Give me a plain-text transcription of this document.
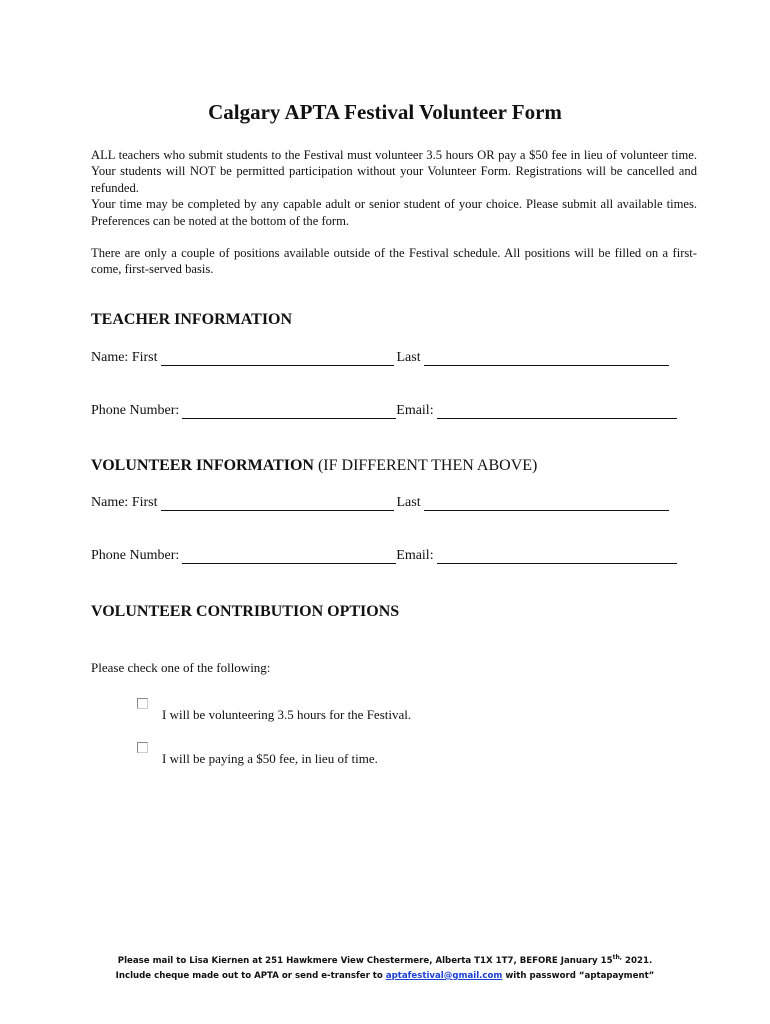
Calgary APTA Festival Volunteer Form

ALL teachers who submit students to the Festival must volunteer 3.5 hours OR pay a $50 fee in lieu of volunteer time. Your students will NOT be permitted participation without your Volunteer Form. Registrations will be cancelled and refunded.

Your time may be completed by any capable adult or senior student of your choice. Please submit all available times. Preferences can be noted at the bottom of the form.

There are only a couple of positions available outside of the Festival schedule. All positions will be filled on a first-come, first-served basis.

TEACHER INFORMATION
Name: First	Last
Phone Number:	Email:
VOLUNTEER INFORMATION (IF DIFFERENT THEN ABOVE)
Name: First	Last
Phone Number:	Email:
VOLUNTEER CONTRIBUTION OPTIONS
Please check one of the following:
I will be volunteering 3.5 hours for the Festival.
I will be paying a $50 fee, in lieu of time.
Please mail to Lisa Kiernen at 251 Hawkmere View Chestermere, Alberta T1X 1T7, BEFORE January $15^{th,}$ 2021.
Include cheque made out to APTA or send e-transfer to aptafestival@gmail.com with password “aptapayment”
